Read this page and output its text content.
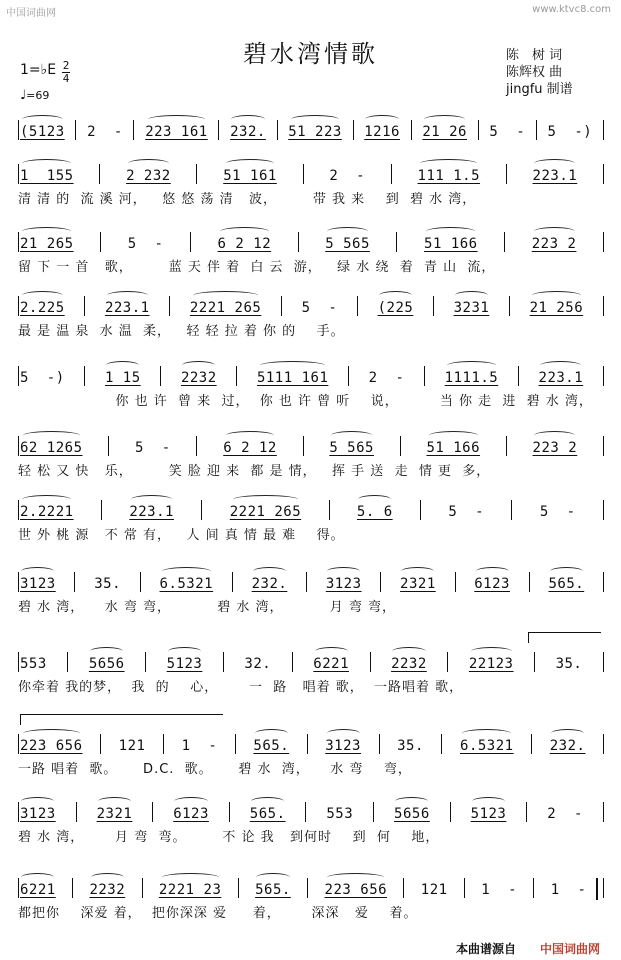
中国词曲网	www.ktvc8.com
碧水湾情歌	陈　树 词
陈辉权 曲
jingfu 制谱
1=♭E 2
4
♩=69
(5123 2  - 223 161 232. 51 223 1216 21 26 5  - 5  -)
1  155	2 232	51 161	2  -	111 1.5	223.1
清 清 的  流 溪 河，   悠 悠 荡 清   波，       带 我 来    到  碧 水 湾，
21 265	5  -	6 2 12	5 565	51 166	223 2
留 下 一 首   歌，       蓝 天 伴 着  白 云  游，   绿 水 绕  着  青 山  流，
2.225	223.1	2221 265	5  -	(225	3231	21 256
最 是 温 泉  水 温  柔，   轻 轻 拉 着 你 的    手。
5  -)	1 15	2232	5111 161	2  -	1111.5	223.1
你 也 许  曾 来  过，  你 也 许 曾 听    说，        当 你 走  进  碧 水 湾，
62 1265	5  -	6 2 12	5 565	51 166	223 2
轻 松 又 快   乐，       笑 脸 迎 来  都 是 情，   挥 手 送  走  情 更  多，
2.2221	223.1	2221 265	5. 6	5  -	5  -
世 外 桃 源   不 常 有，   人 间 真 情 最 难    得。
3123	35.	6.5321	232.	3123	2321	6123	565.
碧 水 湾，    水 弯 弯，         碧 水 湾，         月 弯 弯，
553	5656	5123	32.	6221	2232	22123	35.
你牵着 我的梦，  我  的    心，      一  路   唱着 歌，  一路唱着 歌，
223 656	121	1  -	565.	3123	35.	6.5321	232.
一路 唱着  歌。     D.C.  歌。     碧 水  湾，    水 弯    弯，
3123	2321	6123	565.	553	5656	5123	2  -
碧 水 湾，      月 弯  弯。       不 论 我   到何时    到  何    地，
6221 2232 2221 23 565. 223 656 121 1  - 1  -
都把你    深爱 着，  把你深深 爱     着，      深深   爱    着。
本曲谱源自 中国词曲网
